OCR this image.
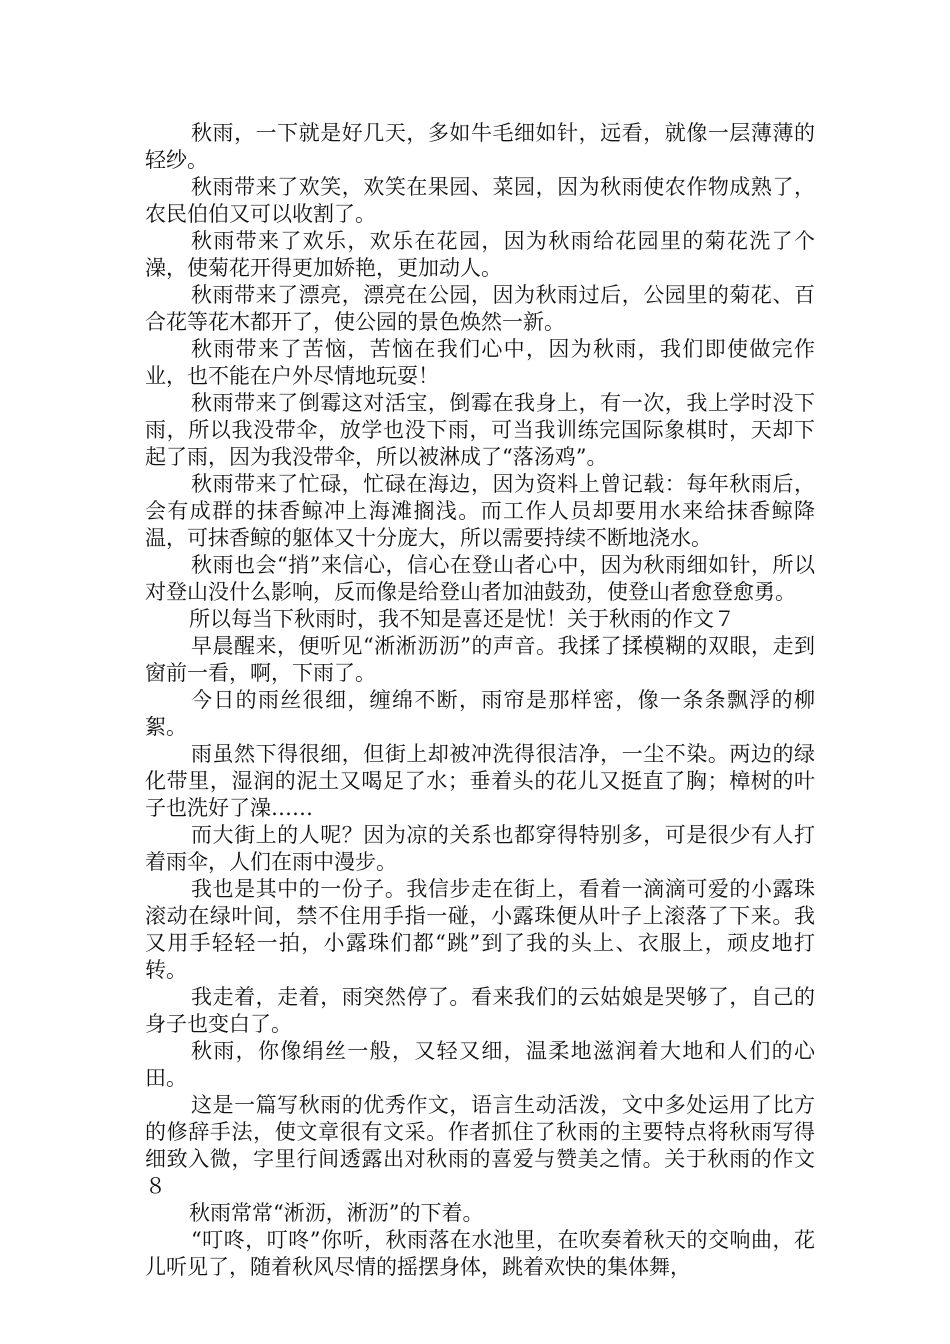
秋雨，一下就是好几天，多如牛毛细如针，远看，就像一层薄薄的轻纱。

秋雨带来了欢笑，欢笑在果园、菜园，因为秋雨使农作物成熟了，农民伯伯又可以收割了。

秋雨带来了欢乐，欢乐在花园，因为秋雨给花园里的菊花洗了个澡，使菊花开得更加娇艳，更加动人。

秋雨带来了漂亮，漂亮在公园，因为秋雨过后，公园里的菊花、百合花等花木都开了，使公园的景色焕然一新。

秋雨带来了苦恼，苦恼在我们心中，因为秋雨，我们即使做完作业，也不能在户外尽情地玩耍！

秋雨带来了倒霉这对活宝，倒霉在我身上，有一次，我上学时没下雨，所以我没带伞，放学也没下雨，可当我训练完国际象棋时，天却下起了雨，因为我没带伞，所以被淋成了“落汤鸡”。

秋雨带来了忙碌，忙碌在海边，因为资料上曾记载：每年秋雨后，会有成群的抹香鲸冲上海滩搁浅。而工作人员却要用水来给抹香鲸降温，可抹香鲸的躯体又十分庞大，所以需要持续不断地浇水。

秋雨也会“捎”来信心，信心在登山者心中，因为秋雨细如针，所以对登山没什么影响，反而像是给登山者加油鼓劲，使登山者愈登愈勇。

所以每当下秋雨时，我不知是喜还是忧！关于秋雨的作文７

早晨醒来，便听见“淅淅沥沥”的声音。我揉了揉模糊的双眼，走到窗前一看，啊，下雨了。

今日的雨丝很细，缠绵不断，雨帘是那样密，像一条条飘浮的柳絮。

雨虽然下得很细，但街上却被冲洗得很洁净，一尘不染。两边的绿化带里，湿润的泥土又喝足了水；垂着头的花儿又挺直了胸；樟树的叶子也洗好了澡……

而大街上的人呢？因为凉的关系也都穿得特别多，可是很少有人打着雨伞，人们在雨中漫步。

我也是其中的一份子。我信步走在街上，看着一滴滴可爱的小露珠滚动在绿叶间，禁不住用手指一碰，小露珠便从叶子上滚落了下来。我又用手轻轻一拍，小露珠们都“跳”到了我的头上、衣服上，顽皮地打转。

我走着，走着，雨突然停了。看来我们的云姑娘是哭够了，自己的身子也变白了。

秋雨，你像绢丝一般，又轻又细，温柔地滋润着大地和人们的心田。

这是一篇写秋雨的优秀作文，语言生动活泼，文中多处运用了比方的修辞手法，使文章很有文采。作者抓住了秋雨的主要特点将秋雨写得细致入微，字里行间透露出对秋雨的喜爱与赞美之情。关于秋雨的作文８

秋雨常常“淅沥，淅沥”的下着。

“叮咚，叮咚”你听，秋雨落在水池里，在吹奏着秋天的交响曲，花儿听见了，随着秋风尽情的摇摆身体，跳着欢快的集体舞，
